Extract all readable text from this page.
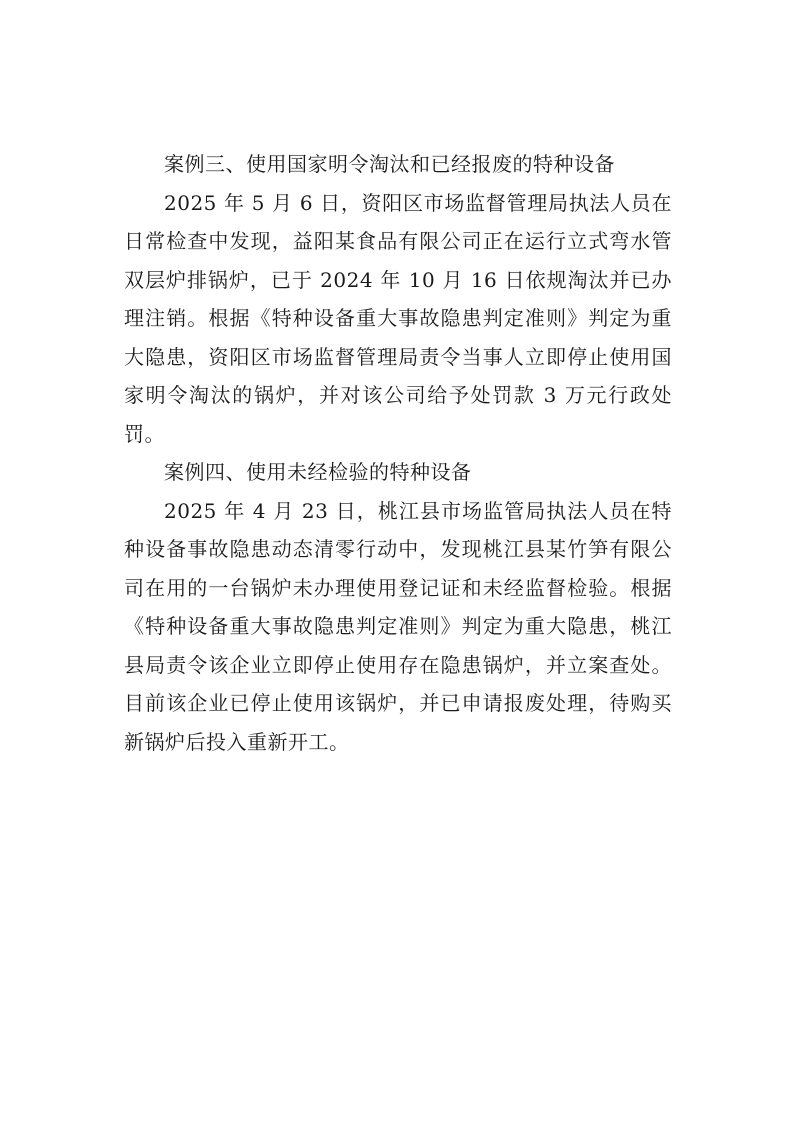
案例三、使用国家明令淘汰和已经报废的特种设备

2025 年 5 月 6 日，资阳区市场监督管理局执法人员在日常检查中发现，益阳某食品有限公司正在运行立式弯水管双层炉排锅炉，已于 2024 年 10 月 16 日依规淘汰并已办理注销。根据《特种设备重大事故隐患判定准则》判定为重大隐患，资阳区市场监督管理局责令当事人立即停止使用国家明令淘汰的锅炉，并对该公司给予处罚款 3 万元行政处罚。

案例四、使用未经检验的特种设备

2025 年 4 月 23 日，桃江县市场监管局执法人员在特种设备事故隐患动态清零行动中，发现桃江县某竹笋有限公司在用的一台锅炉未办理使用登记证和未经监督检验。根据《特种设备重大事故隐患判定准则》判定为重大隐患，桃江县局责令该企业立即停止使用存在隐患锅炉，并立案查处。目前该企业已停止使用该锅炉，并已申请报废处理，待购买新锅炉后投入重新开工。
